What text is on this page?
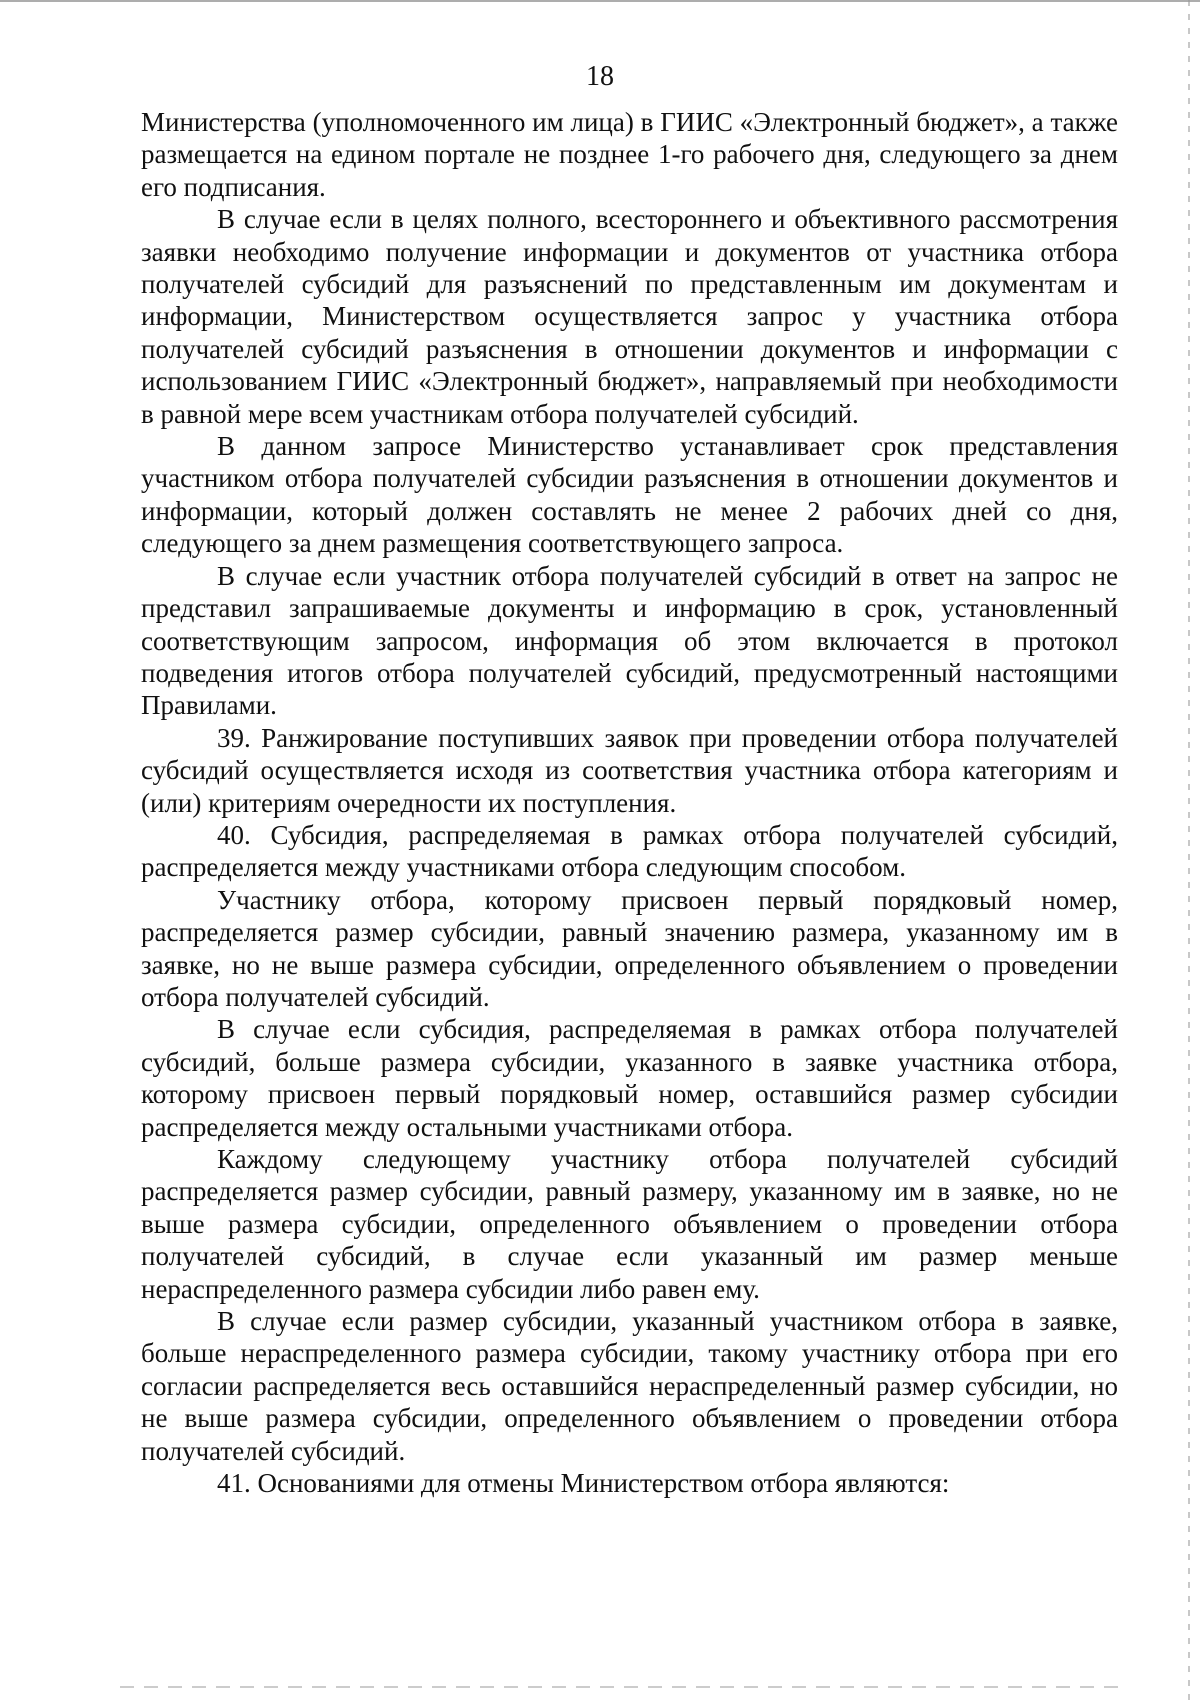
18

Министерства (уполномоченного им лица) в ГИИС «Электронный бюджет», а также размещается на едином портале не позднее 1-го рабочего дня, следующего за днем его подписания.

В случае если в целях полного, всестороннего и объективного рассмотрения заявки необходимо получение информации и документов от участника отбора получателей субсидий для разъяснений по представленным им документам и информации, Министерством осуществляется запрос у участника отбора получателей субсидий разъяснения в отношении документов и информации с использованием ГИИС «Электронный бюджет», направляемый при необходимости в равной мере всем участникам отбора получателей субсидий.

В данном запросе Министерство устанавливает срок представления участником отбора получателей субсидии разъяснения в отношении документов и информации, который должен составлять не менее 2 рабочих дней со дня, следующего за днем размещения соответствующего запроса.

В случае если участник отбора получателей субсидий в ответ на запрос не представил запрашиваемые документы и информацию в срок, установленный соответствующим запросом, информация об этом включается в протокол подведения итогов отбора получателей субсидий, предусмотренный настоящими Правилами.

39. Ранжирование поступивших заявок при проведении отбора получателей субсидий осуществляется исходя из соответствия участника отбора категориям и (или) критериям очередности их поступления.

40. Субсидия, распределяемая в рамках отбора получателей субсидий, распределяется между участниками отбора следующим способом.

Участнику отбора, которому присвоен первый порядковый номер, распределяется размер субсидии, равный значению размера, указанному им в заявке, но не выше размера субсидии, определенного объявлением о проведении отбора получателей субсидий.

В случае если субсидия, распределяемая в рамках отбора получателей субсидий, больше размера субсидии, указанного в заявке участника отбора, которому присвоен первый порядковый номер, оставшийся размер субсидии распределяется между остальными участниками отбора.

Каждому следующему участнику отбора получателей субсидий распределяется размер субсидии, равный размеру, указанному им в заявке, но не выше размера субсидии, определенного объявлением о проведении отбора получателей субсидий, в случае если указанный им размер меньше нераспределенного размера субсидии либо равен ему.

В случае если размер субсидии, указанный участником отбора в заявке, больше нераспределенного размера субсидии, такому участнику отбора при его согласии распределяется весь оставшийся нераспределенный размер субсидии, но не выше размера субсидии, определенного объявлением о проведении отбора получателей субсидий.

41. Основаниями для отмены Министерством отбора являются:
